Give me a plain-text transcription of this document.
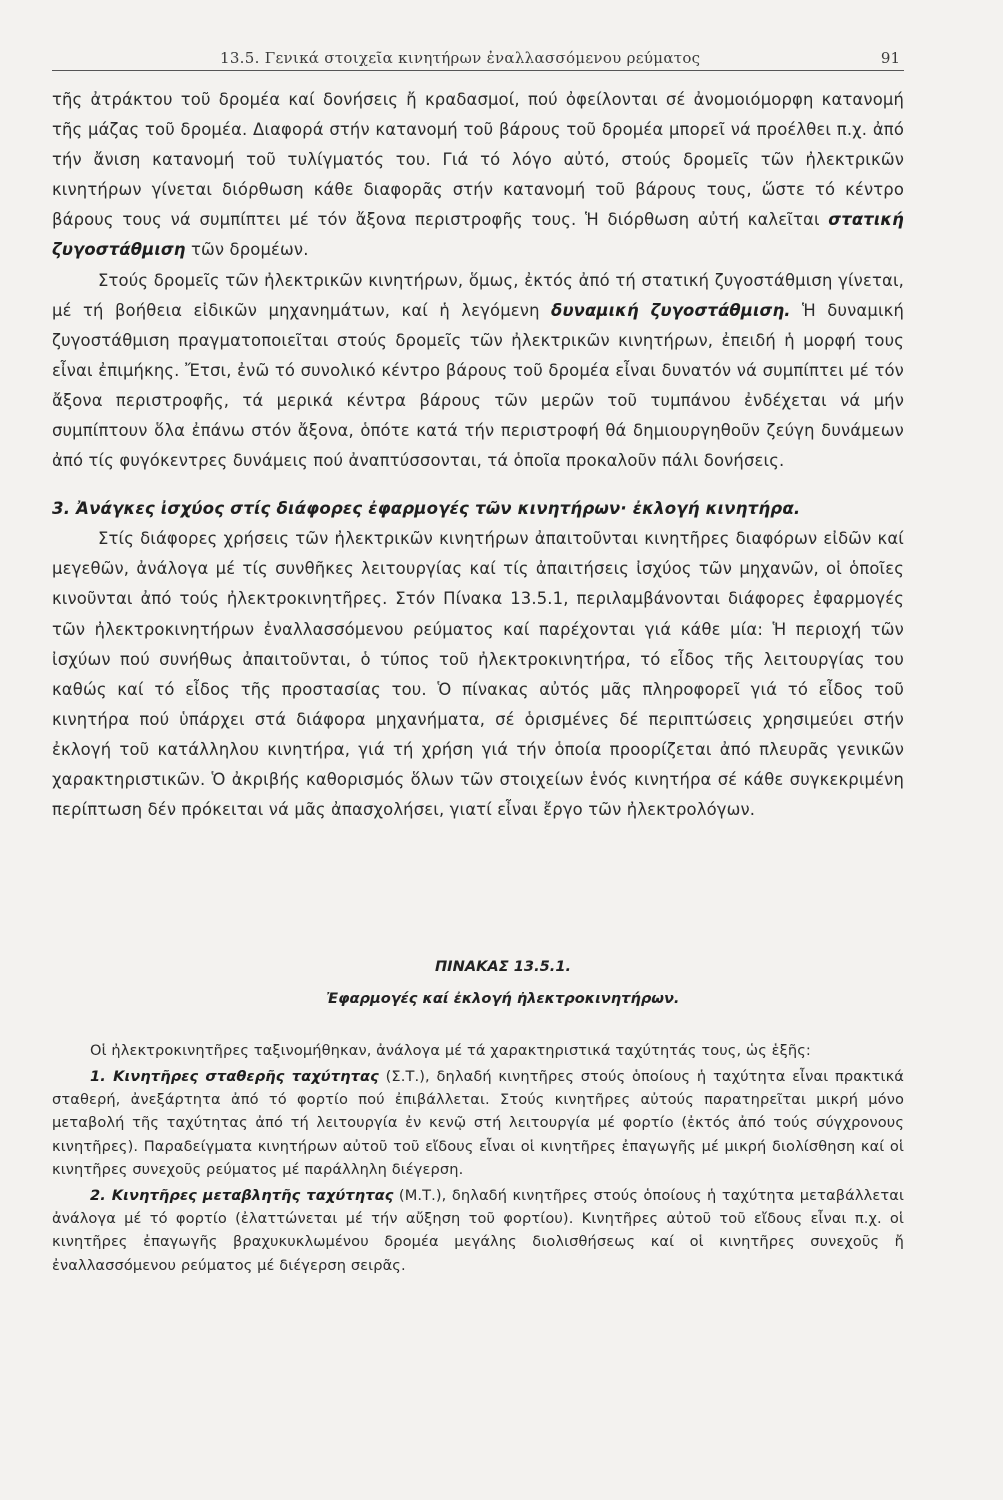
13.5. Γενικά στοιχεῖα κινητήρων ἐναλλασσόμενου ρεύματος	91

τῆς ἀτράκτου τοῦ δρομέα καί δονήσεις ἤ κραδασμοί, πού ὀφείλονται σέ ἀνομοιόμορφη κατανομή τῆς μάζας τοῦ δρομέα. Διαφορά στήν κατανομή τοῦ βάρους τοῦ δρομέα μπορεῖ νά προέλθει π.χ. ἀπό τήν ἄνιση κατανομή τοῦ τυλίγματός του. Γιά τό λόγο αὐτό, στούς δρομεῖς τῶν ἠλεκτρικῶν κινητήρων γίνεται διόρθωση κάθε διαφορᾶς στήν κατανομή τοῦ βάρους τους, ὥστε τό κέντρο βάρους τους νά συμπίπτει μέ τόν ἄξονα περιστροφῆς τους. Ἡ διόρθωση αὐτή καλεῖται στατική ζυγοστάθμιση τῶν δρομέων.

Στούς δρομεῖς τῶν ἠλεκτρικῶν κινητήρων, ὅμως, ἐκτός ἀπό τή στατική ζυγοστάθμιση γίνεται, μέ τή βοήθεια εἰδικῶν μηχανημάτων, καί ἡ λεγόμενη δυναμική ζυγοστάθμιση. Ἡ δυναμική ζυγοστάθμιση πραγματοποιεῖται στούς δρομεῖς τῶν ἠλεκτρικῶν κινητήρων, ἐπειδή ἡ μορφή τους εἶναι ἐπιμήκης. Ἔτσι, ἐνῶ τό συνολικό κέντρο βάρους τοῦ δρομέα εἶναι δυνατόν νά συμπίπτει μέ τόν ἄξονα περιστροφῆς, τά μερικά κέντρα βάρους τῶν μερῶν τοῦ τυμπάνου ἐνδέχεται νά μήν συμπίπτουν ὅλα ἐπάνω στόν ἄξονα, ὁπότε κατά τήν περιστροφή θά δημιουργηθοῦν ζεύγη δυνάμεων ἀπό τίς φυγόκεντρες δυνάμεις πού ἀναπτύσσονται, τά ὁποῖα προκαλοῦν πάλι δονήσεις.

3. Ἀνάγκες ἰσχύος στίς διάφορες ἐφαρμογές τῶν κινητήρων· ἐκλογή κινητήρα.

Στίς διάφορες χρήσεις τῶν ἠλεκτρικῶν κινητήρων ἀπαιτοῦνται κινητῆρες διαφόρων εἰδῶν καί μεγεθῶν, ἀνάλογα μέ τίς συνθῆκες λειτουργίας καί τίς ἀπαιτήσεις ἰσχύος τῶν μηχανῶν, οἱ ὁποῖες κινοῦνται ἀπό τούς ἠλεκτροκινητῆρες. Στόν Πίνακα 13.5.1, περιλαμβάνονται διάφορες ἐφαρμογές τῶν ἠλεκτροκινητήρων ἐναλλασσόμενου ρεύματος καί παρέχονται γιά κάθε μία: Ἡ περιοχή τῶν ἰσχύων πού συνήθως ἀπαιτοῦνται, ὁ τύπος τοῦ ἠλεκτροκινητήρα, τό εἶδος τῆς λειτουργίας του καθώς καί τό εἶδος τῆς προστασίας του. Ὁ πίνακας αὐτός μᾶς πληροφορεῖ γιά τό εἶδος τοῦ κινητήρα πού ὑπάρχει στά διάφορα μηχανήματα, σέ ὁρισμένες δέ περιπτώσεις χρησιμεύει στήν ἐκλογή τοῦ κατάλληλου κινητήρα, γιά τή χρήση γιά τήν ὁποία προορίζεται ἀπό πλευρᾶς γενικῶν χαρακτηριστικῶν. Ὁ ἀκριβής καθορισμός ὅλων τῶν στοιχείων ἑνός κινητήρα σέ κάθε συγκεκριμένη περίπτωση δέν πρόκειται νά μᾶς ἀπασχολήσει, γιατί εἶναι ἔργο τῶν ἠλεκτρολόγων.

ΠΙΝΑΚΑΣ 13.5.1.
Ἐφαρμογές καί ἐκλογή ἠλεκτροκινητήρων.

Οἱ ἠλεκτροκινητῆρες ταξινομήθηκαν, ἀνάλογα μέ τά χαρακτηριστικά ταχύτητάς τους, ὡς ἑξῆς:

1. Κινητῆρες σταθερῆς ταχύτητας (Σ.Τ.), δηλαδή κινητῆρες στούς ὁποίους ἡ ταχύτητα εἶναι πρακτικά σταθερή, ἀνεξάρτητα ἀπό τό φορτίο πού ἐπιβάλλεται. Στούς κινητῆρες αὐτούς παρατηρεῖται μικρή μόνο μεταβολή τῆς ταχύτητας ἀπό τή λειτουργία ἐν κενῷ στή λειτουργία μέ φορτίο (ἐκτός ἀπό τούς σύγχρονους κινητῆρες). Παραδείγματα κινητήρων αὐτοῦ τοῦ εἴδους εἶναι οἱ κινητῆρες ἐπαγωγῆς μέ μικρή διολίσθηση καί οἱ κινητῆρες συνεχοῦς ρεύματος μέ παράλληλη διέγερση.

2. Κινητῆρες μεταβλητῆς ταχύτητας (Μ.Τ.), δηλαδή κινητῆρες στούς ὁποίους ἡ ταχύτητα μεταβάλλεται ἀνάλογα μέ τό φορτίο (ἐλαττώνεται μέ τήν αὔξηση τοῦ φορτίου). Κινητῆρες αὐτοῦ τοῦ εἴδους εἶναι π.χ. οἱ κινητῆρες ἐπαγωγῆς βραχυκυκλωμένου δρομέα μεγάλης διολισθήσεως καί οἱ κινητῆρες συνεχοῦς ἤ ἐναλλασσόμενου ρεύματος μέ διέγερση σειρᾶς.
